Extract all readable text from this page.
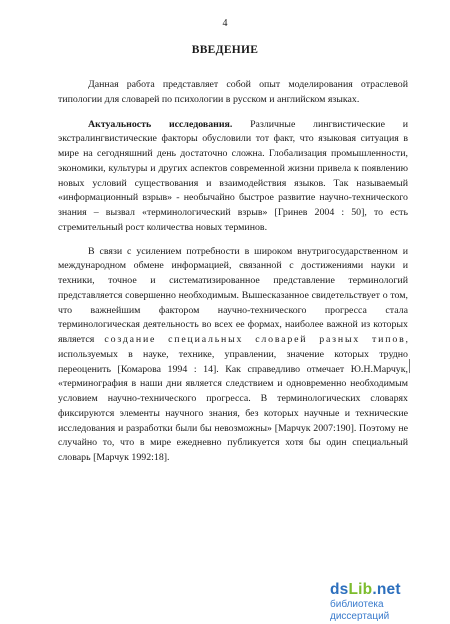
4
ВВЕДЕНИЕ

Данная работа представляет собой опыт моделирования отраслевой типологии для словарей по психологии в русском и английском языках.

Актуальность исследования. Различные лингвистические и экстралингвистические факторы обусловили тот факт, что языковая ситуация в мире на сегодняшний день достаточно сложна. Глобализация промышленности, экономики, культуры и других аспектов современной жизни привела к появлению новых условий существования и взаимодействия языков. Так называемый «информационный взрыв» - необычайно быстрое развитие научно-технического знания – вызвал «терминологический взрыв» [Гринев 2004 : 50], то есть стремительный рост количества новых терминов.

В связи с усилением потребности в широком внутригосударственном и международном обмене информацией, связанной с достижениями науки и техники, точное и систематизированное представление терминологий представляется совершенно необходимым. Вышесказанное свидетельствует о том, что важнейшим фактором научно-технического прогресса стала терминологическая деятельность во всех ее формах, наиболее важной из которых является создание специальных словарей разных типов, используемых в науке, технике, управлении, значение которых трудно переоценить [Комарова 1994 : 14]. Как справедливо отмечает Ю.Н.Марчук, «терминография в наши дни является следствием и одновременно необходимым условием научно-технического прогресса. В терминологических словарях фиксируются элементы научного знания, без которых научные и технические исследования и разработки были бы невозможны» [Марчук 2007:190]. Поэтому не случайно то, что в мире ежедневно публикуется хотя бы один специальный словарь [Марчук 1992:18].

dsLib.net
библиотека диссертаций
